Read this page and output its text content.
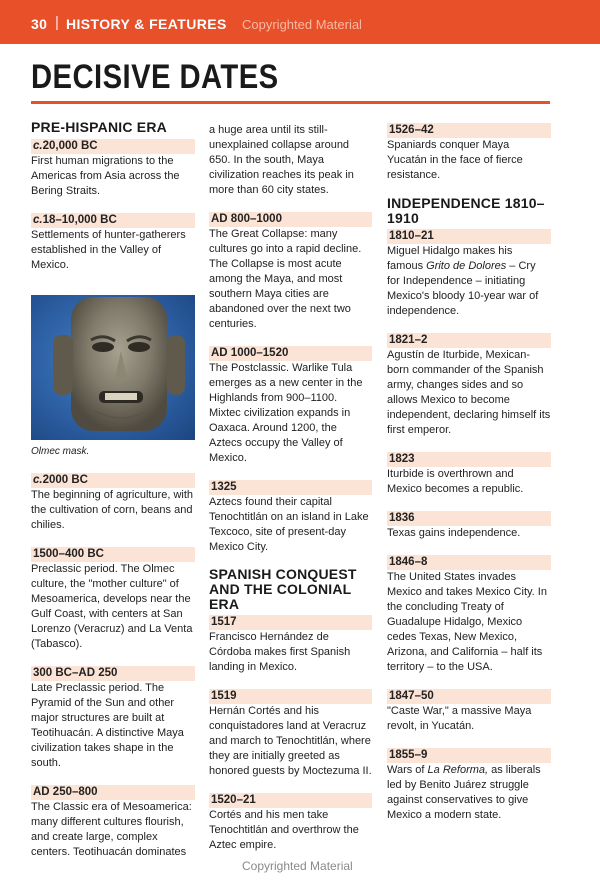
30 | HISTORY & FEATURES Copyrighted Material
DECISIVE DATES
PRE-HISPANIC ERA
c.20,000 BC

First human migrations to the Americas from Asia across the Bering Straits.

c.18–10,000 BC

Settlements of hunter-gatherers established in the Valley of Mexico.

Olmec mask.
c.2000 BC

The beginning of agriculture, with the cultivation of corn, beans and chilies.

1500–400 BC

Preclassic period. The Olmec culture, the "mother culture" of Mesoamerica, develops near the Gulf Coast, with centers at San Lorenzo (Veracruz) and La Venta (Tabasco).

300 BC–AD 250

Late Preclassic period. The Pyramid of the Sun and other major structures are built at Teotihuacán. A distinctive Maya civilization takes shape in the south.

AD 250–800

The Classic era of Mesoamerica: many different cultures flourish, and create large, complex centers. Teotihuacán dominates

a huge area until its still-unexplained collapse around 650. In the south, Maya civilization reaches its peak in more than 60 city states.

AD 800–1000

The Great Collapse: many cultures go into a rapid decline. The Collapse is most acute among the Maya, and most southern Maya cities are abandoned over the next two centuries.

AD 1000–1520

The Postclassic. Warlike Tula emerges as a new center in the Highlands from 900–1100. Mixtec civilization expands in Oaxaca. Around 1200, the Aztecs occupy the Valley of Mexico.

1325

Aztecs found their capital Tenochtitlán on an island in Lake Texcoco, site of present-day Mexico City.

SPANISH CONQUEST AND THE COLONIAL ERA
1517

Francisco Hernández de Córdoba makes first Spanish landing in Mexico.

1519

Hernán Cortés and his conquistadores land at Veracruz and march to Tenochtitlán, where they are initially greeted as honored guests by Moctezuma II.

1520–21

Cortés and his men take Tenochtitlán and overthrow the Aztec empire.

1526–42

Spaniards conquer Maya Yucatán in the face of fierce resistance.

INDEPENDENCE 1810–1910
1810–21

Miguel Hidalgo makes his famous Grito de Dolores – Cry for Independence – initiating Mexico's bloody 10-year war of independence.

1821–2

Agustín de Iturbide, Mexican-born commander of the Spanish army, changes sides and so allows Mexico to become independent, declaring himself its first emperor.

1823

Iturbide is overthrown and Mexico becomes a republic.

1836

Texas gains independence.

1846–8

The United States invades Mexico and takes Mexico City. In the concluding Treaty of Guadalupe Hidalgo, Mexico cedes Texas, New Mexico, Arizona, and California – half its territory – to the USA.

1847–50

"Caste War," a massive Maya revolt, in Yucatán.

1855–9

Wars of La Reforma, as liberals led by Benito Juárez struggle against conservatives to give Mexico a modern state.

Copyrighted Material
